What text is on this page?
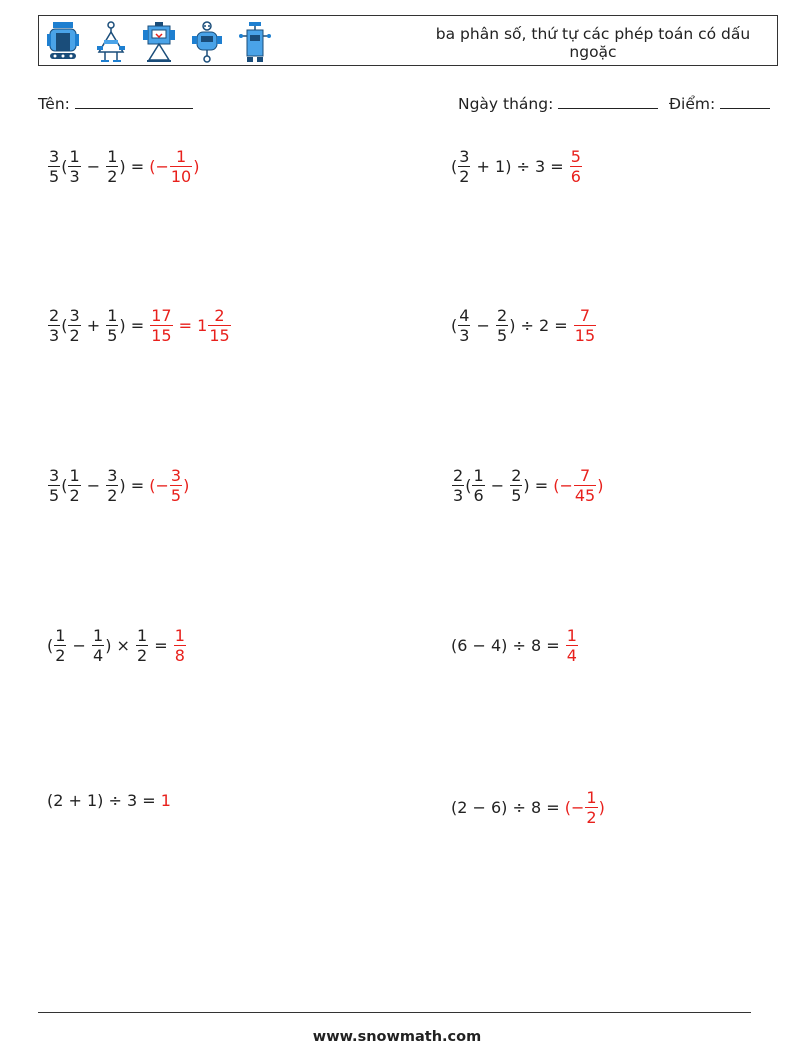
ba phân số, thứ tự các phép toán có dấu ngoặc
Tên:	Ngày tháng:	Điểm:
$\frac{3}{5}$ ( $\frac{1}{3} - \frac{1}{2}$ ) = (− $\frac{1}{10}$ )	( $\frac{3}{2} + 1) \div 3 = \frac{5}{6}$
$\frac{2}{3}$ ( $\frac{3}{2} + \frac{1}{5}$ ) = $\frac{17}{15} = 1 \frac{2}{15}$	( $\frac{4}{3} - \frac{2}{5}$ ) ÷ $2 = \frac{7}{15}$
$\frac{3}{5}$ ( $\frac{1}{2} - \frac{3}{2}$ ) = (− $\frac{3}{5}$ )	$\frac{2}{3}$ ( $\frac{1}{6} - \frac{2}{5}$ ) = (− $\frac{7}{45}$ )
( $\frac{1}{2} - \frac{1}{4}$ ) × $\frac{1}{2} = \frac{1}{8}$	$(6 - 4) \div 8 = \frac{1}{4}$
(2 + 1) ÷ 3 = 1	(2 − 6) ÷ 8 = (− $\frac{1}{2}$ )
www.snowmath.com
